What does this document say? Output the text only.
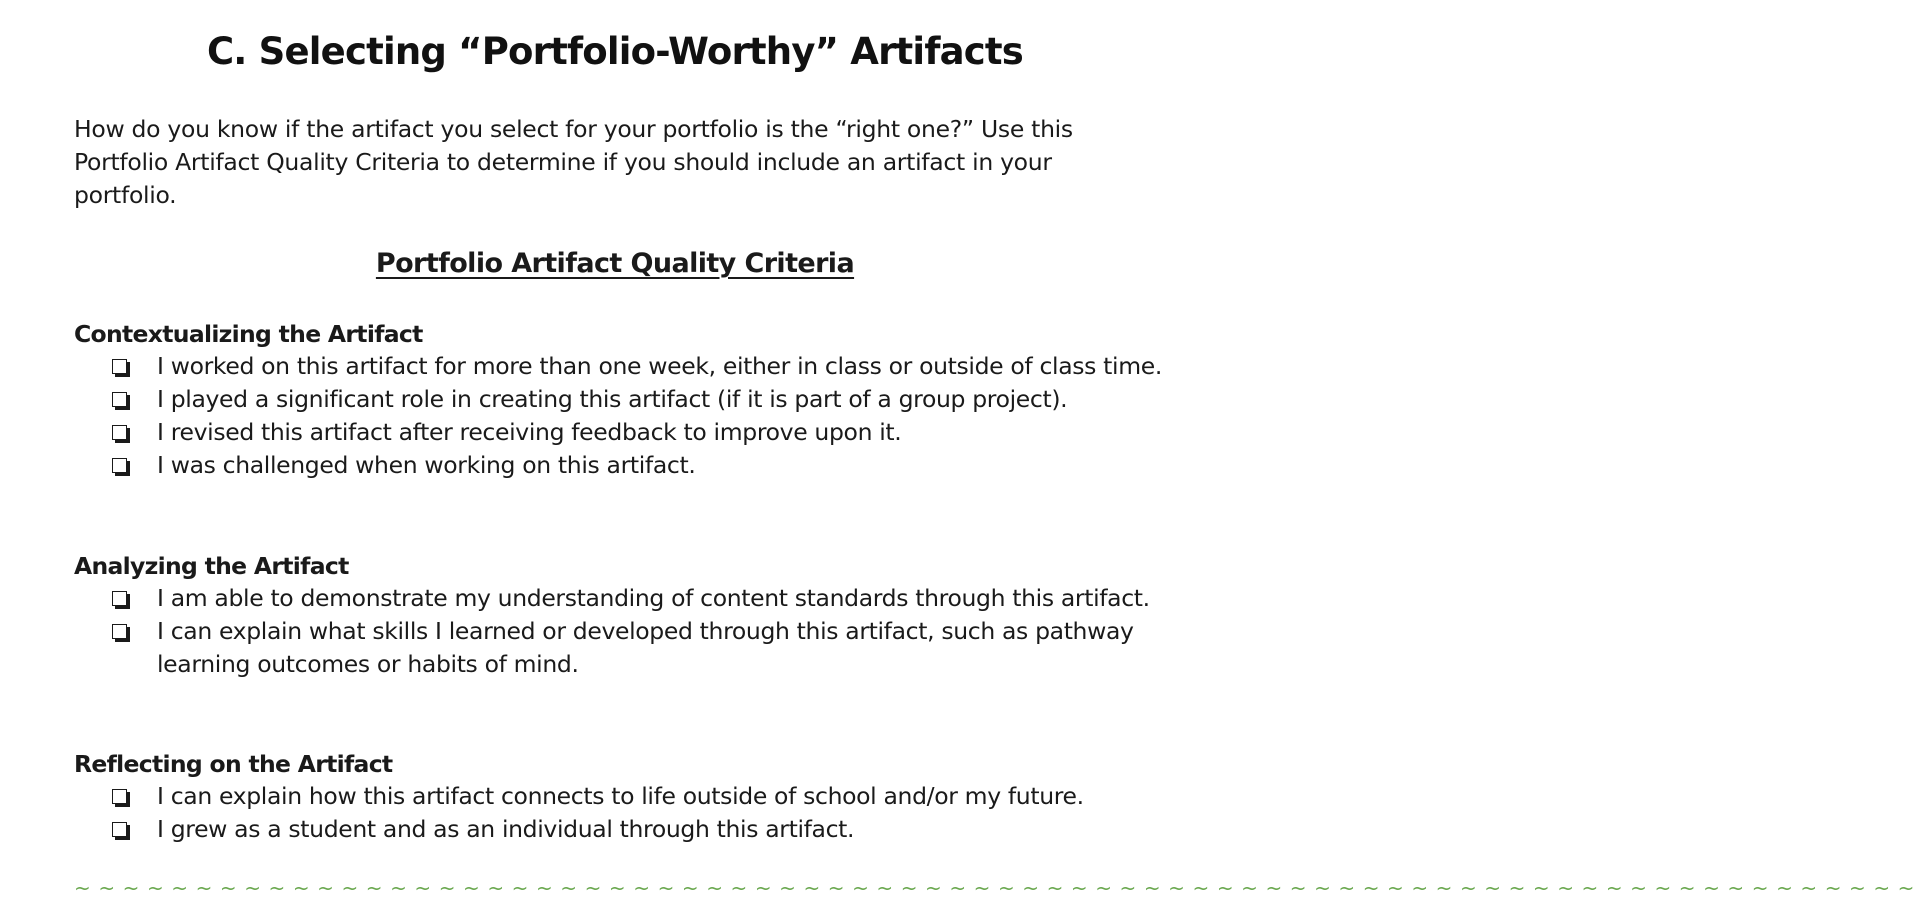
C. Selecting “Portfolio-Worthy” Artifacts

How do you know if the artifact you select for your portfolio is the “right one?” Use this Portfolio Artifact Quality Criteria to determine if you should include an artifact in your portfolio.

Portfolio Artifact Quality Criteria
Contextualizing the Artifact
I worked on this artifact for more than one week, either in class or outside of class time.
I played a significant role in creating this artifact (if it is part of a group project).
I revised this artifact after receiving feedback to improve upon it.
I was challenged when working on this artifact.
Analyzing the Artifact
I am able to demonstrate my understanding of content standards through this artifact.
I can explain what skills I learned or developed through this artifact, such as pathway learning outcomes or habits of mind.
Reflecting on the Artifact
I can explain how this artifact connects to life outside of school and/or my future.
I grew as a student and as an individual through this artifact.
~ ~ ~ ~ ~ ~ ~ ~ ~ ~ ~ ~ ~ ~ ~ ~ ~ ~ ~ ~ ~ ~ ~ ~ ~ ~ ~ ~ ~ ~ ~ ~ ~ ~ ~ ~ ~ ~ ~ ~ ~ ~ ~ ~ ~ ~ ~ ~ ~ ~ ~ ~ ~ ~ ~ ~ ~ ~ ~ ~ ~ ~ ~ ~ ~ ~ ~ ~ ~ ~ ~ ~ ~ ~ ~ ~
